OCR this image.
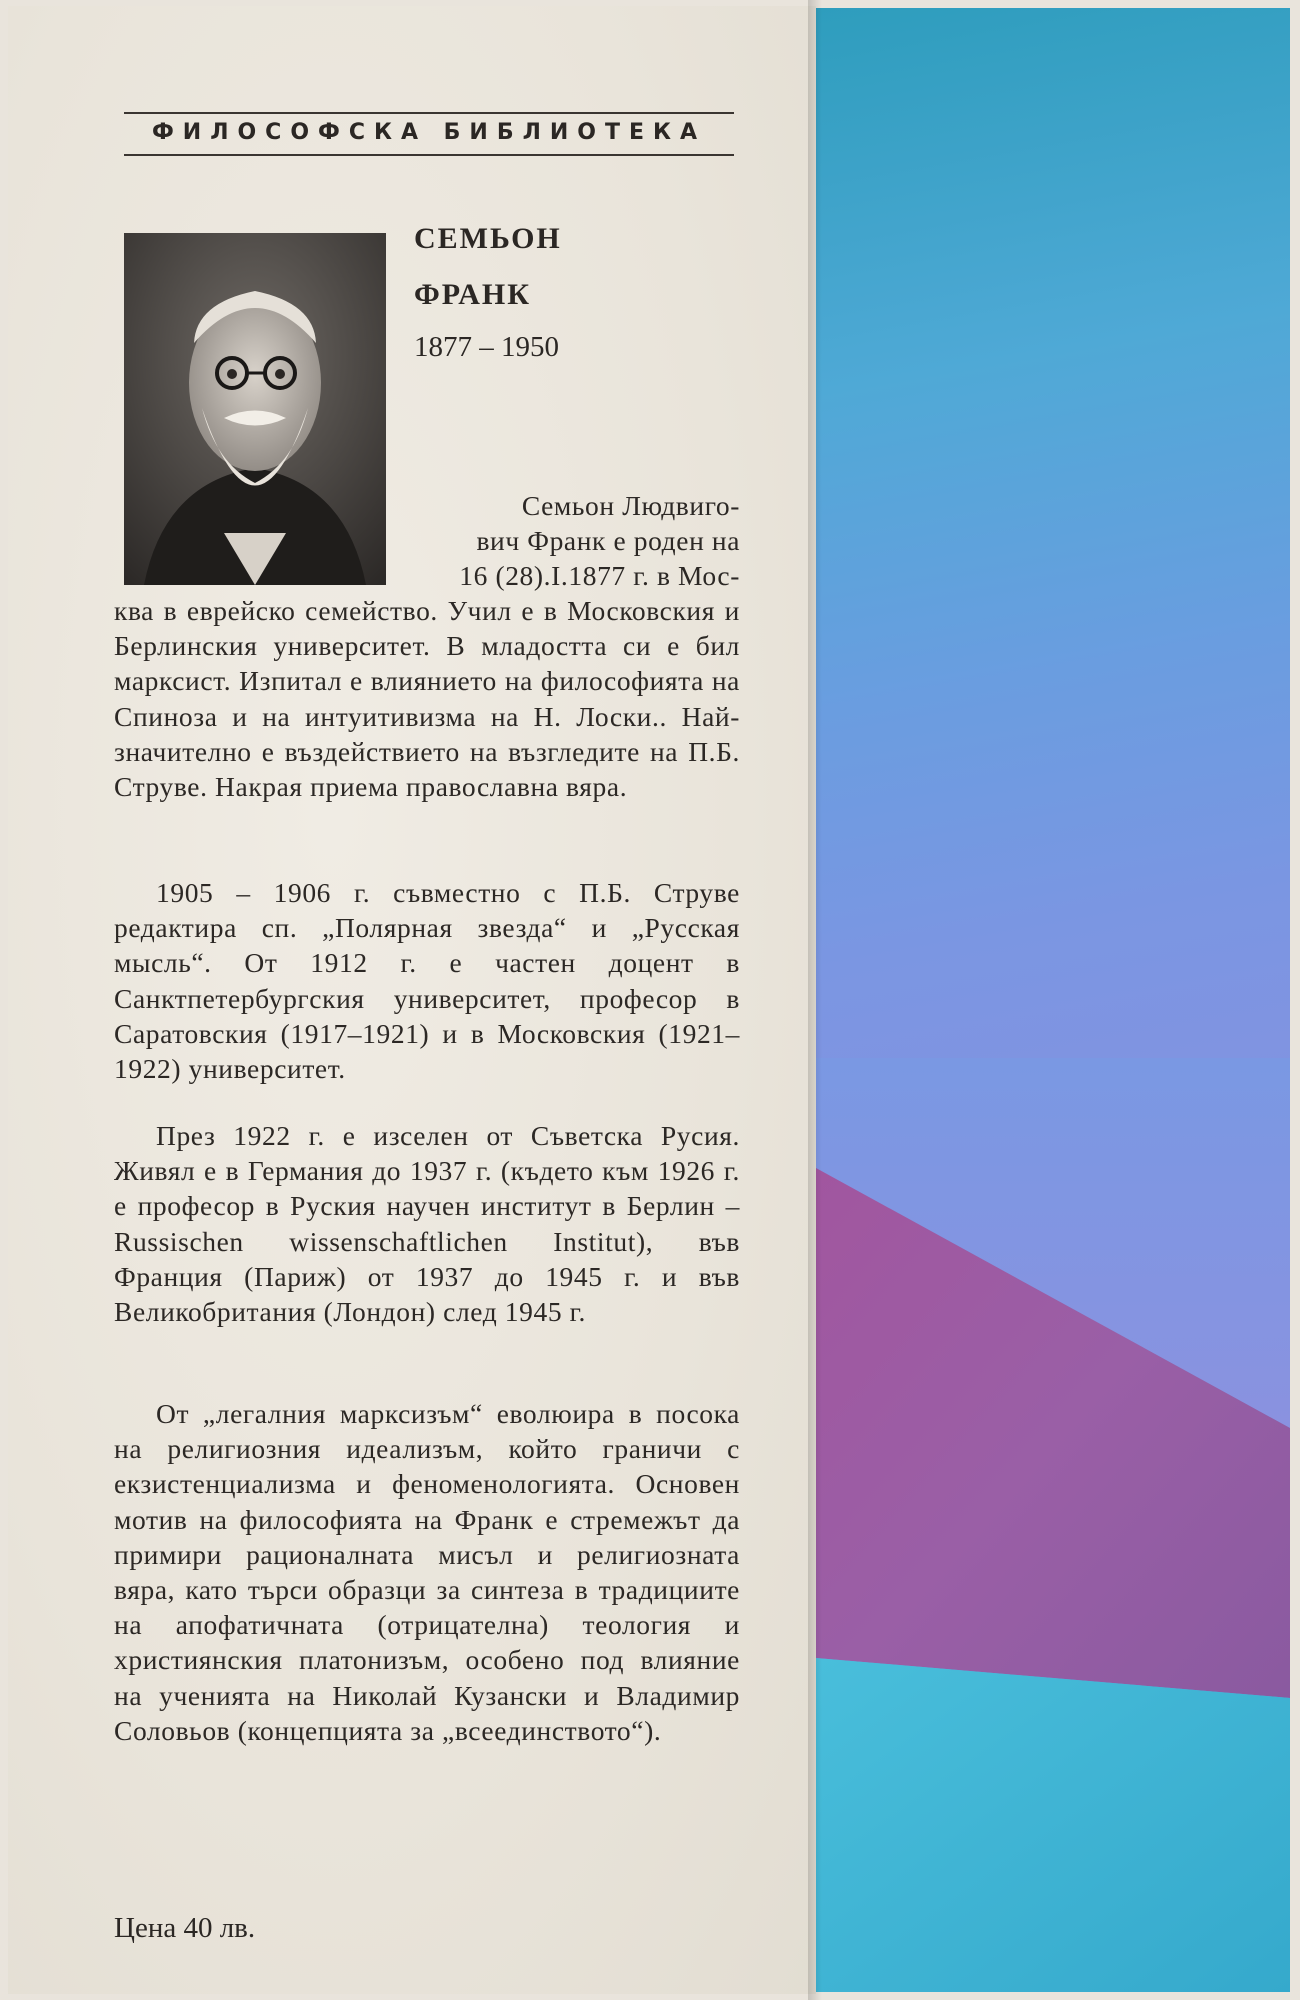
ФИЛОСОФСКА БИБЛИОТЕКА
СЕМЬОН
ФРАНК
1877 – 1950
Семьон Людвиго-
вич Франк е роден на
16 (28).I.1877 г. в Мос-

ква в еврейско семейство. Учил е в Московския и Берлинския университет. В младостта си е бил марксист. Изпитал е влиянието на философията на Спиноза и на интуитивизма на Н. Лоски.. Най-значително е въздействието на възгледите на П.Б. Струве. Накрая приема православна вяра.

1905 – 1906 г. съвместно с П.Б. Струве редактира сп. „Полярная звезда“ и „Русская мысль“. От 1912 г. е частен доцент в Санктпетербургския университет, професор в Саратовския (1917–1921) и в Московския (1921–1922) университет.

През 1922 г. е изселен от Съветска Русия. Живял е в Германия до 1937 г. (където към 1926 г. е професор в Руския научен институт в Берлин – Russischen wissenschaftlichen Institut), във Франция (Париж) от 1937 до 1945 г. и във Великобритания (Лондон) след 1945 г.

От „легалния марксизъм“ еволюира в посока на религиозния идеализъм, който граничи с екзистенциализма и феноменологията. Основен мотив на философията на Франк е стремежът да примири рационалната мисъл и религиозната вяра, като търси образци за синтеза в традициите на апофатичната (отрицателна) теология и християнския платонизъм, особено под влияние на ученията на Николай Кузански и Владимир Соловьов (концепцията за „всеединството“).

Цена 40 лв.
